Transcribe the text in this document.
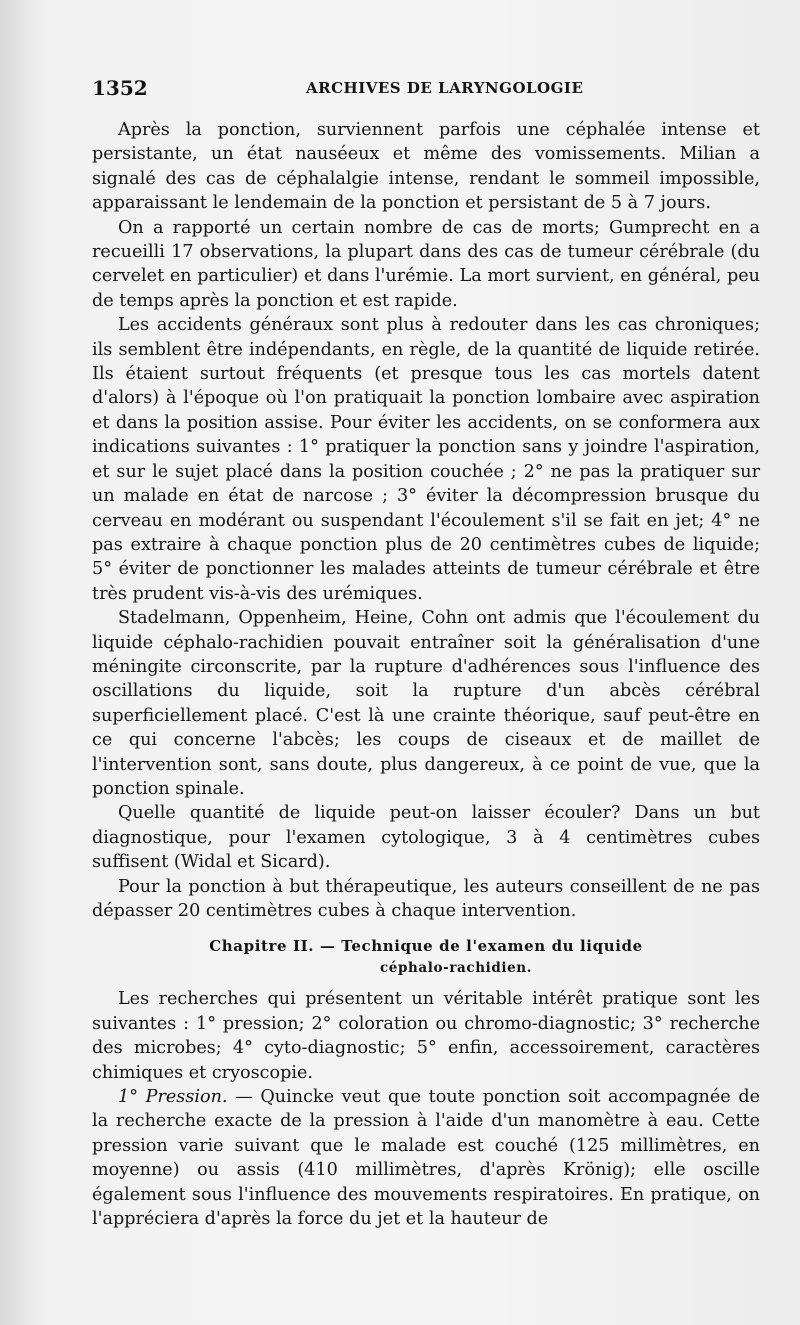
1352	ARCHIVES DE LARYNGOLOGIE

Après la ponction, surviennent parfois une céphalée intense et persistante, un état nauséeux et même des vomissements. Milian a signalé des cas de céphalalgie intense, rendant le sommeil impossible, apparaissant le lendemain de la ponction et persistant de 5 à 7 jours.

On a rapporté un certain nombre de cas de morts; Gumprecht en a recueilli 17 observations, la plupart dans des cas de tumeur cérébrale (du cervelet en particulier) et dans l'urémie. La mort survient, en général, peu de temps après la ponction et est rapide.

Les accidents généraux sont plus à redouter dans les cas chroniques; ils semblent être indépendants, en règle, de la quantité de liquide retirée. Ils étaient surtout fréquents (et presque tous les cas mortels datent d'alors) à l'époque où l'on pratiquait la ponction lombaire avec aspiration et dans la position assise. Pour éviter les accidents, on se conformera aux indications suivantes : 1° pratiquer la ponction sans y joindre l'aspiration, et sur le sujet placé dans la position couchée ; 2° ne pas la pratiquer sur un malade en état de narcose ; 3° éviter la décompression brusque du cerveau en modérant ou suspendant l'écoulement s'il se fait en jet; 4° ne pas extraire à chaque ponction plus de 20 centimètres cubes de liquide; 5° éviter de ponctionner les malades atteints de tumeur cérébrale et être très prudent vis-à-vis des urémiques.

Stadelmann, Oppenheim, Heine, Cohn ont admis que l'écoulement du liquide céphalo-rachidien pouvait entraîner soit la généralisation d'une méningite circonscrite, par la rupture d'adhérences sous l'influence des oscillations du liquide, soit la rupture d'un abcès cérébral superficiellement placé. C'est là une crainte théorique, sauf peut-être en ce qui concerne l'abcès; les coups de ciseaux et de maillet de l'intervention sont, sans doute, plus dangereux, à ce point de vue, que la ponction spinale.

Quelle quantité de liquide peut-on laisser écouler? Dans un but diagnostique, pour l'examen cytologique, 3 à 4 centimètres cubes suffisent (Widal et Sicard).

Pour la ponction à but thérapeutique, les auteurs conseillent de ne pas dépasser 20 centimètres cubes à chaque intervention.

Chapitre II. — Technique de l'examen du liquide
céphalo-rachidien.

Les recherches qui présentent un véritable intérêt pratique sont les suivantes : 1° pression; 2° coloration ou chromo-diagnostic; 3° recherche des microbes; 4° cyto-diagnostic; 5° enfin, accessoirement, caractères chimiques et cryoscopie.

1° Pression. — Quincke veut que toute ponction soit accompagnée de la recherche exacte de la pression à l'aide d'un manomètre à eau. Cette pression varie suivant que le malade est couché (125 millimètres, en moyenne) ou assis (410 millimètres, d'après Krönig); elle oscille également sous l'influence des mouvements respiratoires. En pratique, on l'appréciera d'après la force du jet et la hauteur de
